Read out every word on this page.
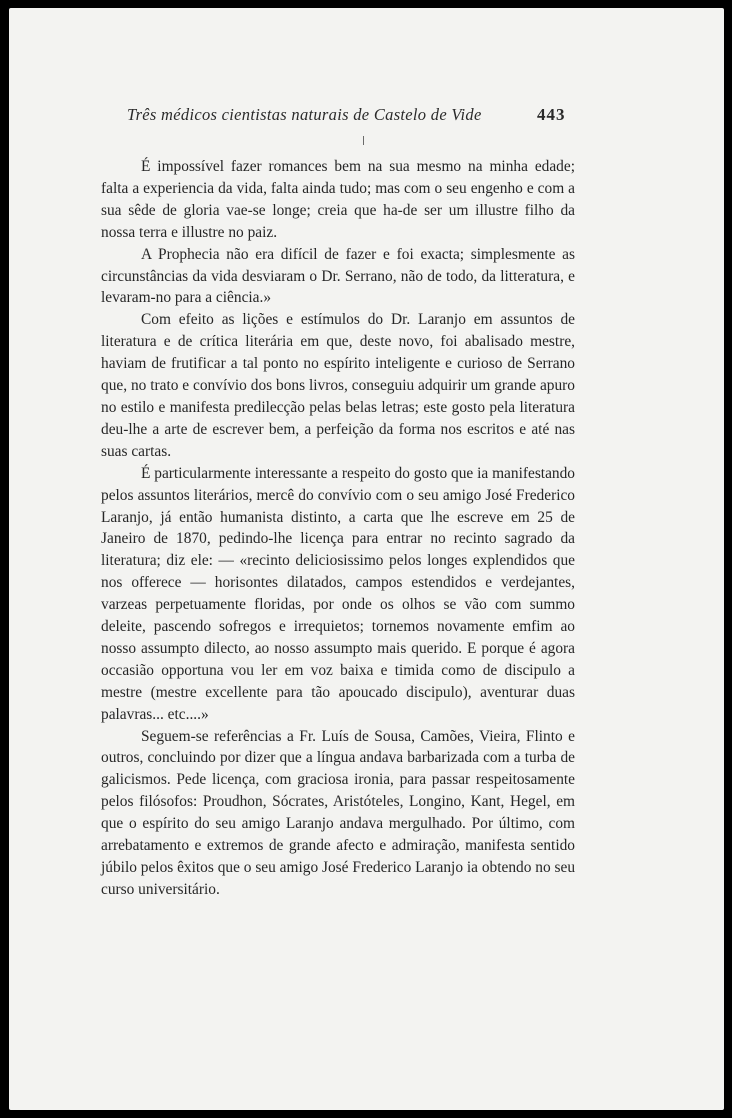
Três médicos cientistas naturais de Castelo de Vide	443

É impossível fazer romances bem na sua mesmo na minha edade; falta a experiencia da vida, falta ainda tudo; mas com o seu engenho e com a sua sêde de gloria vae-se longe; creia que ha-de ser um illustre filho da nossa terra e illustre no paiz.

A Prophecia não era difícil de fazer e foi exacta; simplesmente as circunstâncias da vida desviaram o Dr. Serrano, não de todo, da litteratura, e levaram-no para a ciência.»

Com efeito as lições e estímulos do Dr. Laranjo em assuntos de literatura e de crítica literária em que, deste novo, foi abalisado mestre, haviam de frutificar a tal ponto no espírito inteligente e curioso de Serrano que, no trato e convívio dos bons livros, conseguiu adquirir um grande apuro no estilo e manifesta predilecção pelas belas letras; este gosto pela literatura deu-lhe a arte de escrever bem, a perfeição da forma nos escritos e até nas suas cartas.

É particularmente interessante a respeito do gosto que ia manifestando pelos assuntos literários, mercê do convívio com o seu amigo José Frederico Laranjo, já então humanista distinto, a carta que lhe escreve em 25 de Janeiro de 1870, pedindo-lhe licença para entrar no recinto sagrado da literatura; diz ele: — «recinto deliciosissimo pelos longes explendidos que nos offerece — horisontes dilatados, campos estendidos e verdejantes, varzeas perpetuamente floridas, por onde os olhos se vão com summo deleite, pascendo sofregos e irrequietos; tornemos novamente emfim ao nosso assumpto dilecto, ao nosso assumpto mais querido. E porque é agora occasião opportuna vou ler em voz baixa e timida como de discipulo a mestre (mestre excellente para tão apoucado discipulo), aventurar duas palavras... etc....»

Seguem-se referências a Fr. Luís de Sousa, Camões, Vieira, Flinto e outros, concluindo por dizer que a língua andava barbarizada com a turba de galicismos. Pede licença, com graciosa ironia, para passar respeitosamente pelos filósofos: Proudhon, Sócrates, Aristóteles, Longino, Kant, Hegel, em que o espírito do seu amigo Laranjo andava mergulhado. Por último, com arrebatamento e extremos de grande afecto e admiração, manifesta sentido júbilo pelos êxitos que o seu amigo José Frederico Laranjo ia obtendo no seu curso universitário.
